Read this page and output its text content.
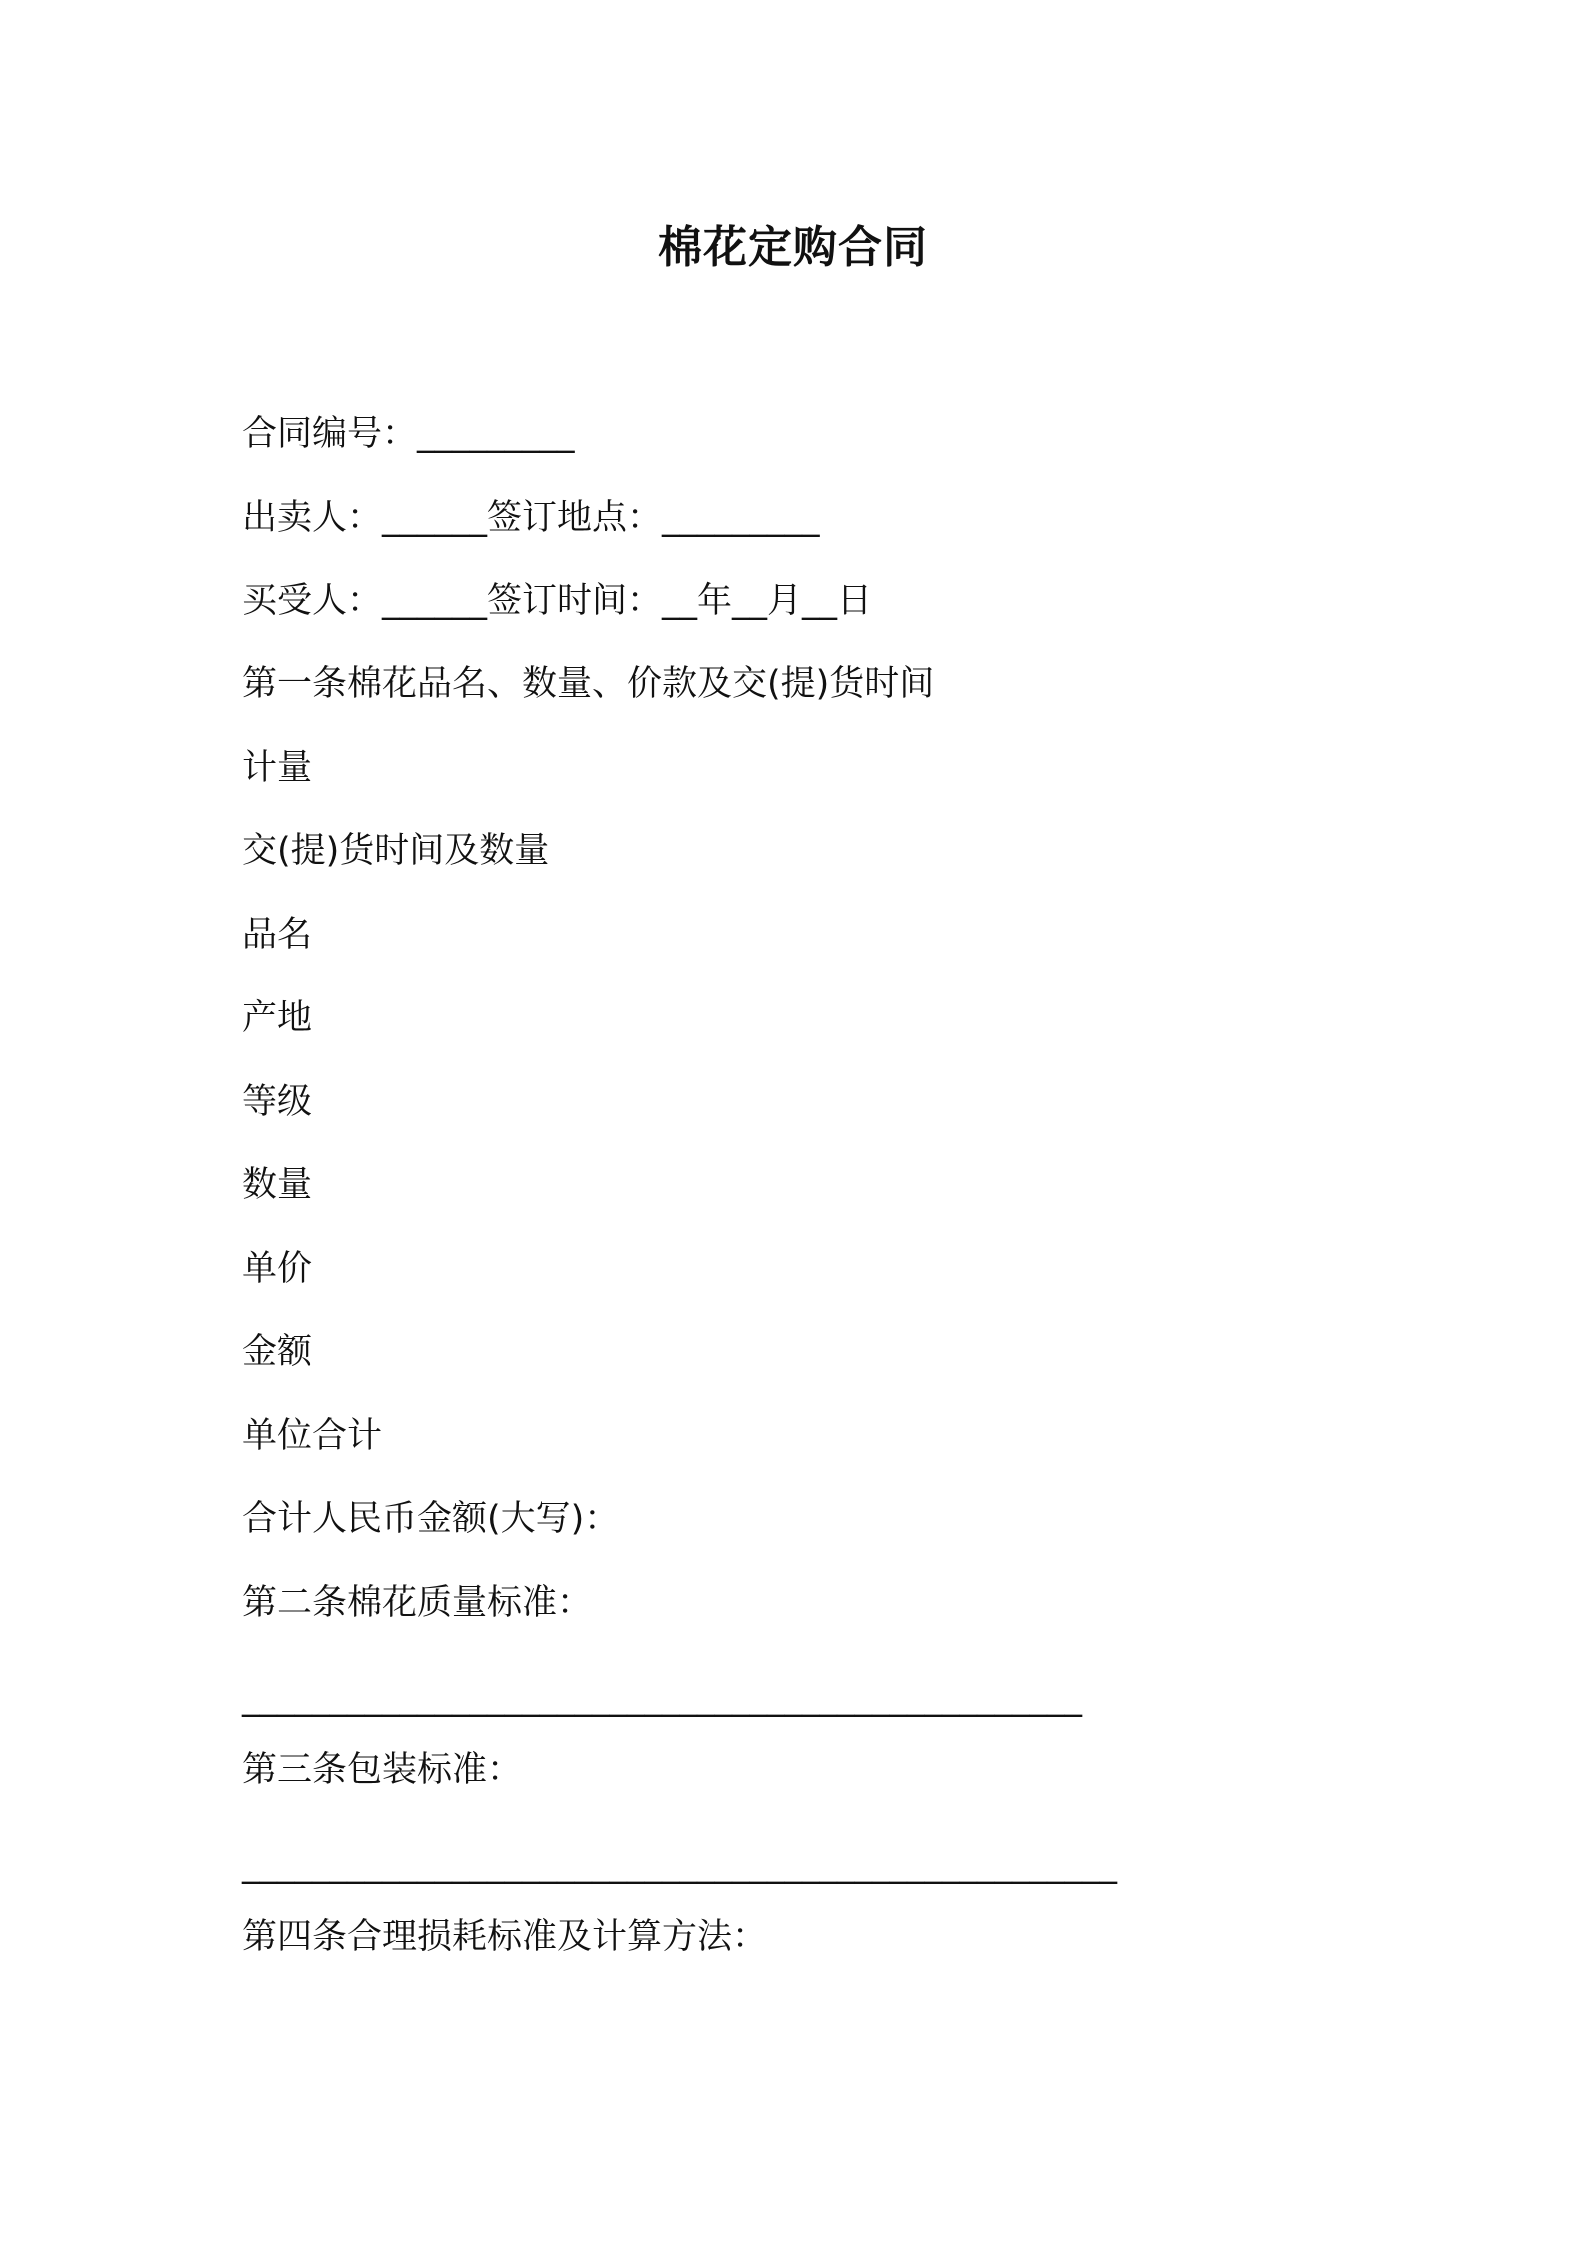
棉花定购合同
合同编号：_________
出卖人：______签订地点：_________
买受人：______签订时间：__年__月__日
第一条棉花品名、数量、价款及交(提)货时间
计量
交(提)货时间及数量
品名
产地
等级
数量
单价
金额
单位合计
合计人民币金额(大写)：
第二条棉花质量标准：
________________________________________________
第三条包装标准：
__________________________________________________
第四条合理损耗标准及计算方法：
